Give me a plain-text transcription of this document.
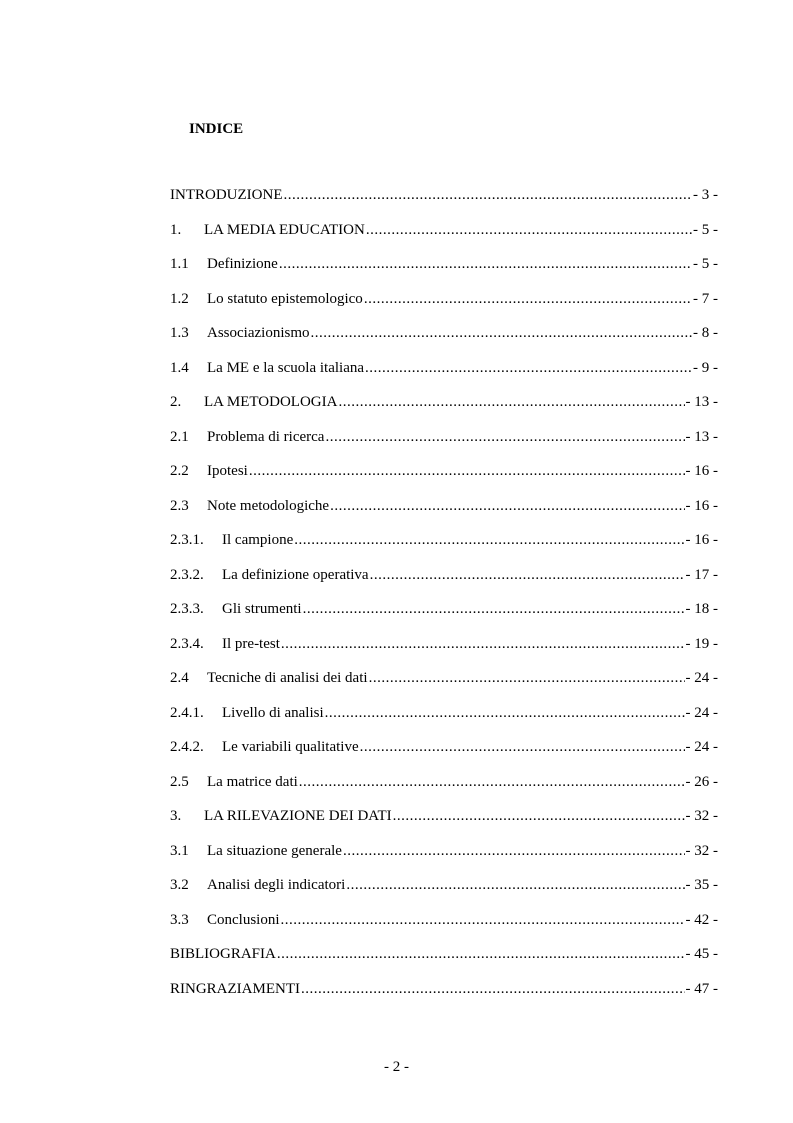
INDICE
INTRODUZIONE .....	- 3 -
1.	LA MEDIA EDUCATION .....	- 5 -
1.1	Definizione .....	- 5 -
1.2	Lo statuto epistemologico .....	- 7 -
1.3	Associazionismo .....	- 8 -
1.4	La ME e la scuola italiana .....	- 9 -
2.	LA METODOLOGIA .....	- 13 -
2.1	Problema di ricerca .....	- 13 -
2.2	Ipotesi .....	- 16 -
2.3	Note metodologiche .....	- 16 -
2.3.1.	Il campione .....	- 16 -
2.3.2.	La definizione operativa .....	- 17 -
2.3.3.	Gli strumenti .....	- 18 -
2.3.4.	Il pre-test .....	- 19 -
2.4	Tecniche di analisi dei dati .....	- 24 -
2.4.1.	Livello di analisi .....	- 24 -
2.4.2.	Le variabili qualitative .....	- 24 -
2.5	La matrice dati .....	- 26 -
3.	LA RILEVAZIONE DEI DATI .....	- 32 -
3.1	La situazione generale .....	- 32 -
3.2	Analisi degli indicatori .....	- 35 -
3.3	Conclusioni .....	- 42 -
BIBLIOGRAFIA .....	- 45 -
RINGRAZIAMENTI .....	- 47 -
- 2 -
